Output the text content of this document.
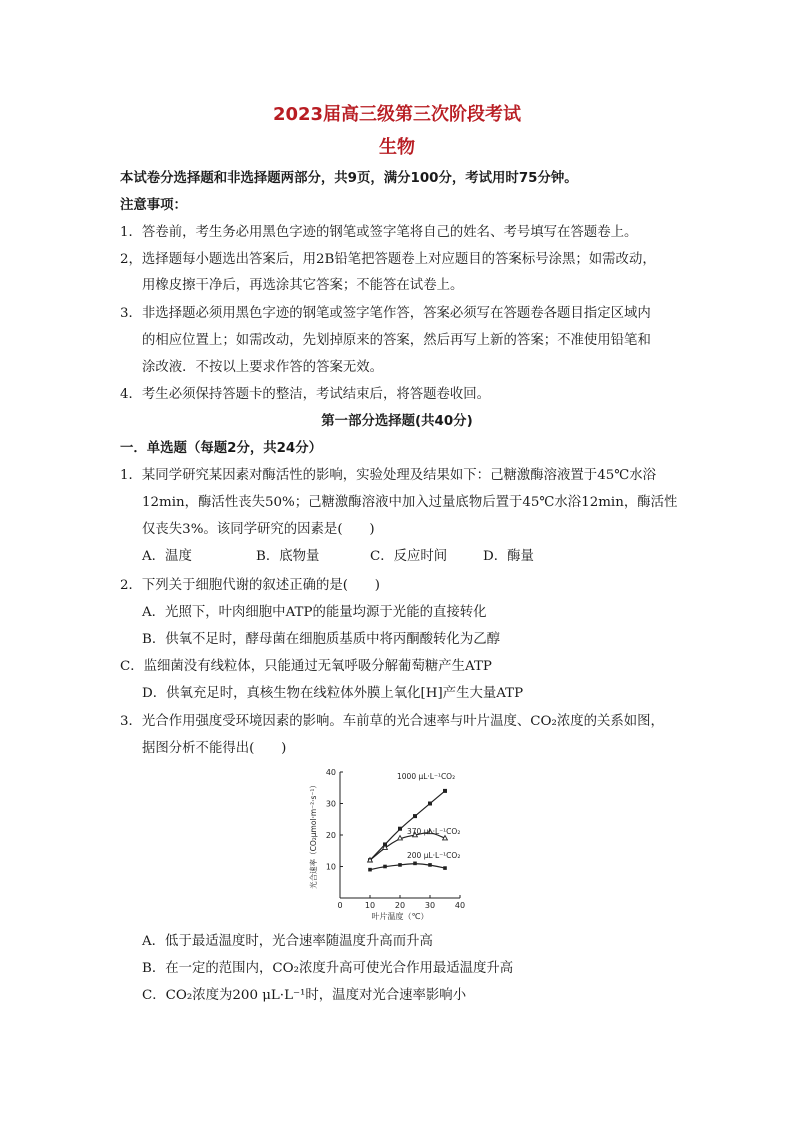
2023届高三级第三次阶段考试
生物
本试卷分选择题和非选择题两部分，共9页，满分100分，考试用时75分钟。
注意事项：
1．答卷前，考生务必用黑色字迹的钢笔或签字笔将自己的姓名、考号填写在答题卷上。
2，选择题每小题选出答案后，用2B铅笔把答题卷上对应题目的答案标号涂黑；如需改动，
用橡皮擦干净后，再选涂其它答案；不能答在试卷上。
3．非选择题必须用黑色字迹的钢笔或签字笔作答，答案必须写在答题卷各题目指定区域内
的相应位置上；如需改动，先划掉原来的答案，然后再写上新的答案；不准使用铅笔和
涂改液．不按以上要求作答的答案无效。
4．考生必须保持答题卡的整洁，考试结束后，将答题卷收回。
第一部分选择题(共40分)
一．单选题（每题2分，共24分）
1．某同学研究某因素对酶活性的影响，实验处理及结果如下：己糖激酶溶液置于45℃水浴
12min，酶活性丧失50%；己糖激酶溶液中加入过量底物后置于45℃水浴12min，酶活性
仅丧失3%。该同学研究的因素是(　　)
A．温度	B．底物量	C．反应时间	D．酶量
2．下列关于细胞代谢的叙述正确的是(　　)
A．光照下，叶肉细胞中ATP的能量均源于光能的直接转化
B．供氧不足时，酵母菌在细胞质基质中将丙酮酸转化为乙醇
C．监细菌没有线粒体，只能通过无氧呼吸分解葡萄糖产生ATP
D．供氧充足时，真核生物在线粒体外膜上氧化[H]产生大量ATP
3．光合作用强度受环境因素的影响。车前草的光合速率与叶片温度、CO₂浓度的关系如图，
据图分析不能得出(　　)
0	10 20 30 40
10
20
30
40
叶片温度（℃）
光合速率（CO₂μmol·m⁻²·s⁻¹）
1000 μL·L⁻¹CO₂
370 μL·L⁻¹CO₂
200 μL·L⁻¹CO₂
A．低于最适温度时，光合速率随温度升高而升高
B．在一定的范围内，CO₂浓度升高可使光合作用最适温度升高
C．CO₂浓度为200 μL·L⁻¹时，温度对光合速率影响小
